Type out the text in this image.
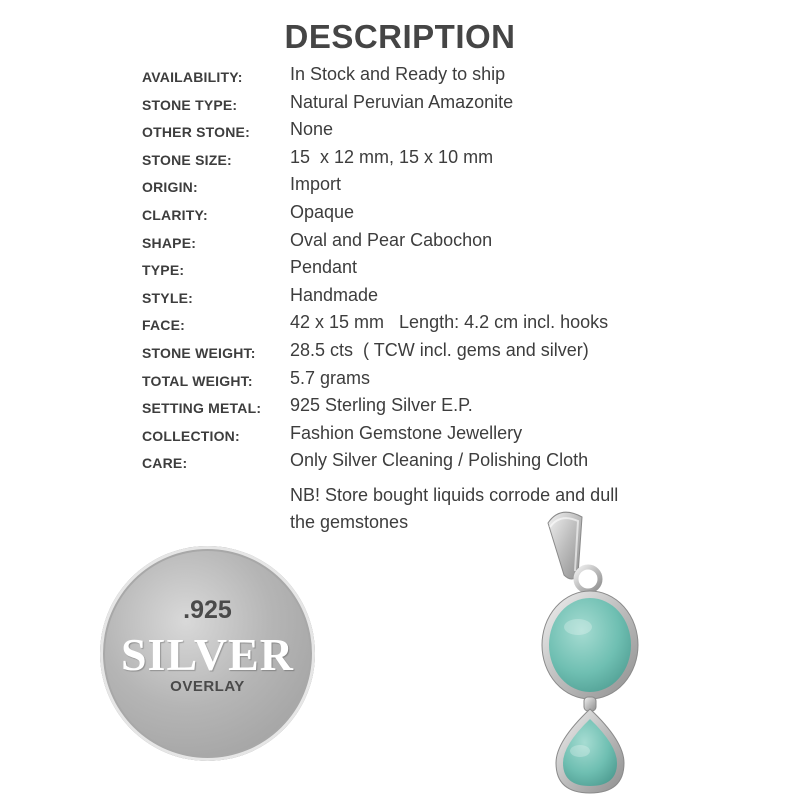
DESCRIPTION
AVAILABILITY:	In Stock and Ready to ship
STONE TYPE:	Natural Peruvian Amazonite
OTHER STONE: None
STONE SIZE:	15  x 12 mm, 15 x 10 mm
ORIGIN:	Import
CLARITY:	Opaque
SHAPE:	Oval and Pear Cabochon
TYPE:	Pendant
STYLE:	Handmade
FACE:	42 x 15 mm   Length: 4.2 cm incl. hooks
STONE WEIGHT: 28.5 cts  ( TCW incl. gems and silver)
TOTAL WEIGHT: 5.7 grams
SETTING METAL: 925 Sterling Silver E.P.
COLLECTION:	Fashion Gemstone Jewellery
CARE:	Only Silver Cleaning / Polishing Cloth
NB! Store bought liquids corrode and dull
the gemstones
.925
SILVER
OVERLAY
